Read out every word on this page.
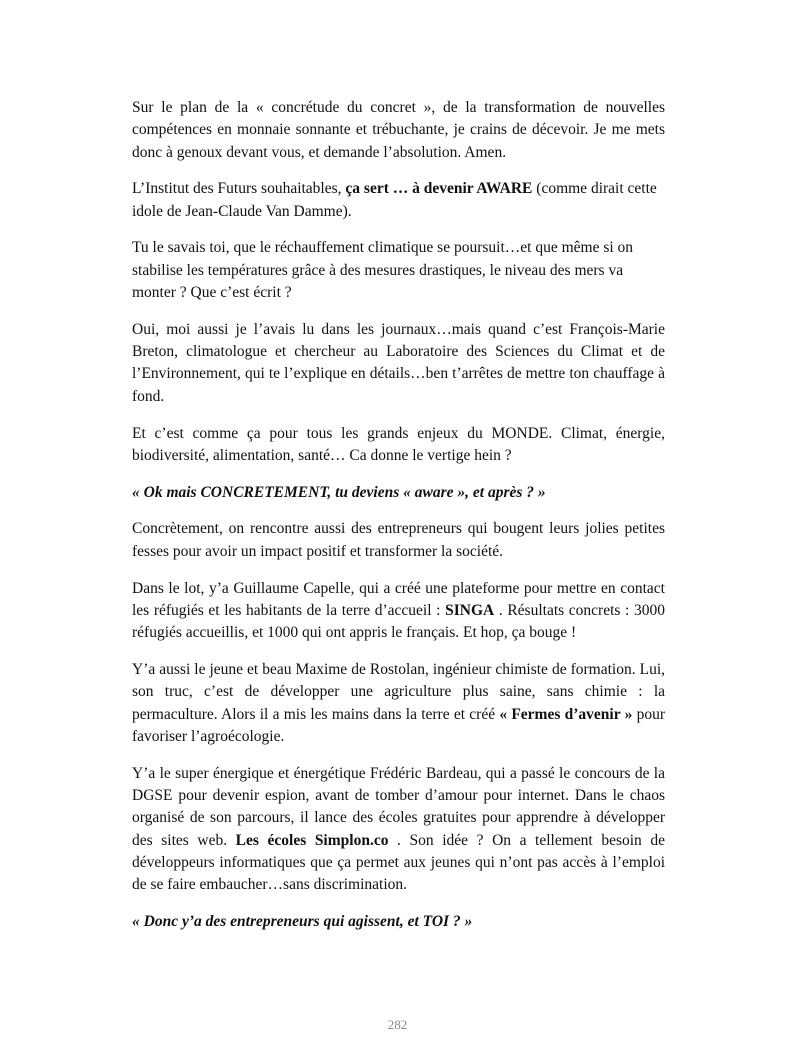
Sur le plan de la « concrétude du concret », de la transformation de nouvelles compétences en monnaie sonnante et trébuchante, je crains de décevoir. Je me mets donc à genoux devant vous, et demande l’absolution. Amen.

L’Institut des Futurs souhaitables, ça sert … à devenir AWARE (comme dirait cette idole de Jean-Claude Van Damme).

Tu le savais toi, que le réchauffement climatique se poursuit…et que même si on stabilise les températures grâce à des mesures drastiques, le niveau des mers va monter ? Que c’est écrit ?

Oui, moi aussi je l’avais lu dans les journaux…mais quand c’est François-Marie Breton, climatologue et chercheur au Laboratoire des Sciences du Climat et de l’Environnement, qui te l’explique en détails…ben t’arrêtes de mettre ton chauffage à fond.

Et c’est comme ça pour tous les grands enjeux du MONDE. Climat, énergie, biodiversité, alimentation, santé… Ca donne le vertige hein ?

« Ok mais CONCRETEMENT, tu deviens « aware », et après ? »

Concrètement, on rencontre aussi des entrepreneurs qui bougent leurs jolies petites fesses pour avoir un impact positif et transformer la société.

Dans le lot, y’a Guillaume Capelle, qui a créé une plateforme pour mettre en contact les réfugiés et les habitants de la terre d’accueil : SINGA . Résultats concrets : 3000 réfugiés accueillis, et 1000 qui ont appris le français. Et hop, ça bouge !

Y’a aussi le jeune et beau Maxime de Rostolan, ingénieur chimiste de formation. Lui, son truc, c’est de développer une agriculture plus saine, sans chimie : la permaculture. Alors il a mis les mains dans la terre et créé « Fermes d’avenir » pour favoriser l’agroécologie.

Y’a le super énergique et énergétique Frédéric Bardeau, qui a passé le concours de la DGSE pour devenir espion, avant de tomber d’amour pour internet. Dans le chaos organisé de son parcours, il lance des écoles gratuites pour apprendre à développer des sites web. Les écoles Simplon.co . Son idée ? On a tellement besoin de développeurs informatiques que ça permet aux jeunes qui n’ont pas accès à l’emploi de se faire embaucher…sans discrimination.

« Donc y’a des entrepreneurs qui agissent, et TOI ? »

282
